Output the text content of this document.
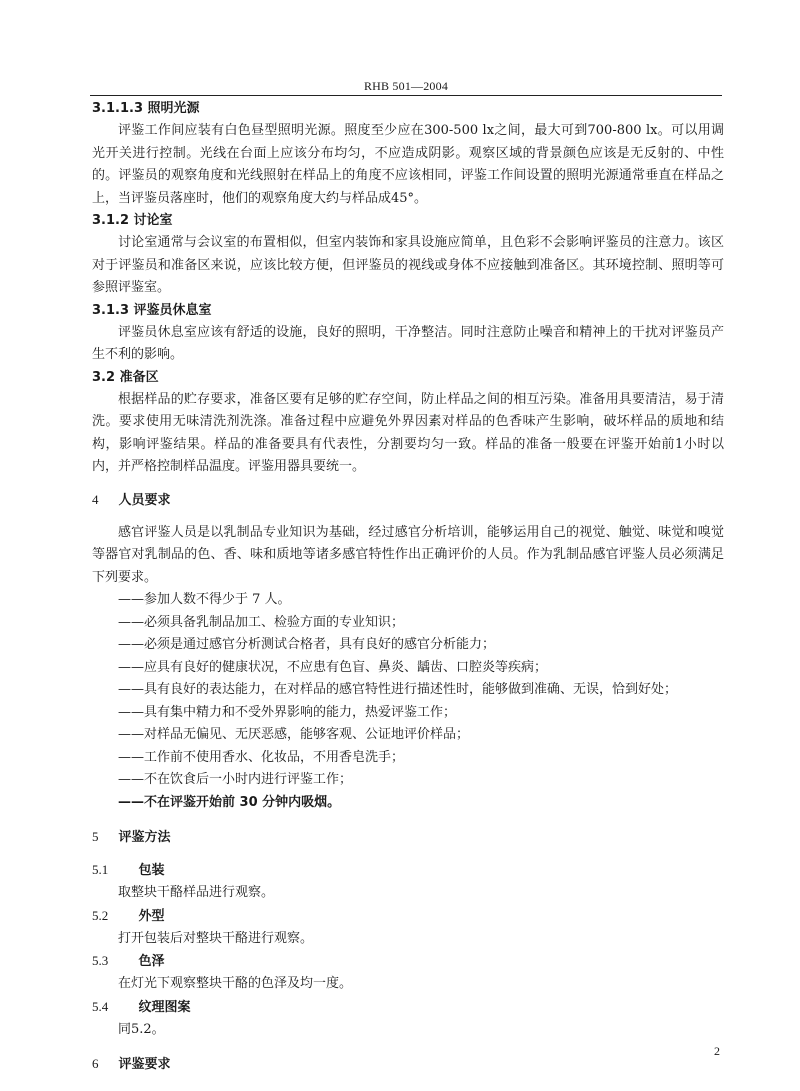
RHB 501—2004
3.1.1.3 照明光源

评鉴工作间应装有白色昼型照明光源。照度至少应在300-500 lx之间，最大可到700-800 lx。可以用调光开关进行控制。光线在台面上应该分布均匀，不应造成阴影。观察区域的背景颜色应该是无反射的、中性的。评鉴员的观察角度和光线照射在样品上的角度不应该相同，评鉴工作间设置的照明光源通常垂直在样品之上，当评鉴员落座时，他们的观察角度大约与样品成45°。

3.1.2 讨论室

讨论室通常与会议室的布置相似，但室内装饰和家具设施应简单，且色彩不会影响评鉴员的注意力。该区对于评鉴员和准备区来说，应该比较方便，但评鉴员的视线或身体不应接触到准备区。其环境控制、照明等可参照评鉴室。

3.1.3 评鉴员休息室

评鉴员休息室应该有舒适的设施，良好的照明，干净整洁。同时注意防止噪音和精神上的干扰对评鉴员产生不利的影响。

3.2 准备区

根据样品的贮存要求，准备区要有足够的贮存空间，防止样品之间的相互污染。准备用具要清洁，易于清洗。要求使用无味清洗剂洗涤。准备过程中应避免外界因素对样品的色香味产生影响，破坏样品的质地和结构，影响评鉴结果。样品的准备要具有代表性，分割要均匀一致。样品的准备一般要在评鉴开始前1小时以内，并严格控制样品温度。评鉴用器具要统一。

4 人员要求

感官评鉴人员是以乳制品专业知识为基础，经过感官分析培训，能够运用自己的视觉、触觉、味觉和嗅觉等器官对乳制品的色、香、味和质地等诸多感官特性作出正确评价的人员。作为乳制品感官评鉴人员必须满足下列要求。

——参加人数不得少于 7 人。

——必须具备乳制品加工、检验方面的专业知识；

——必须是通过感官分析测试合格者，具有良好的感官分析能力；

——应具有良好的健康状况，不应患有色盲、鼻炎、龋齿、口腔炎等疾病；

——具有良好的表达能力，在对样品的感官特性进行描述性时，能够做到准确、无误，恰到好处；

——具有集中精力和不受外界影响的能力，热爱评鉴工作；

——对样品无偏见、无厌恶感，能够客观、公证地评价样品；

——工作前不使用香水、化妆品，不用香皂洗手；

——不在饮食后一小时内进行评鉴工作；

——不在评鉴开始前 30 分钟内吸烟。

5 评鉴方法
5.1 包装

取整块干酪样品进行观察。

5.2 外型

打开包装后对整块干酪进行观察。

5.3 色泽

在灯光下观察整块干酪的色泽及均一度。

5.4 纹理图案

同5.2。

6 评鉴要求
2
